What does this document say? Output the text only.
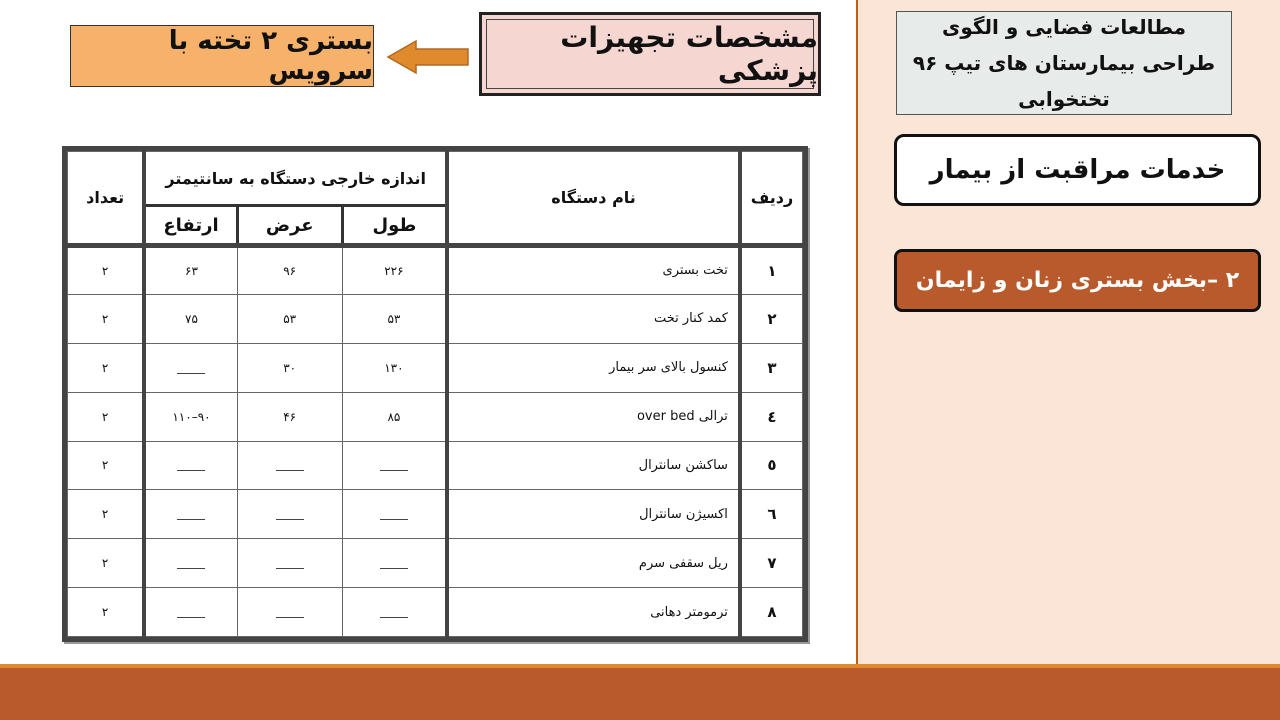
مطالعات فضایی و الگوی طراحی بیمارستان های تیپ ۹۶ تختخوابی
خدمات مراقبت از بیمار
۲ –بخش بستری زنان و زایمان
مشخصات تجهیزات پزشکی
بستری ۲ تخته با سرویس
ردیف	نام دستگاه	اندازه خارجی دستگاه به سانتیمتر			تعداد
		طول	عرض	ارتفاع	
١	تخت بستری	۲۲۶	۹۶	۶۳	۲
۲	کمد کنار تخت	۵۳	۵۳	۷۵	۲
۳	کنسول بالای سر بیمار	۱۳۰	۳۰		۲
٤	ترالی over bed	۸۵	۴۶	۹۰–۱۱۰	۲
٥	ساکشن سانترال				۲
٦	اکسیژن سانترال				۲
۷	ریل سقفی سرم				۲
۸	ترمومتر دهانی				۲
